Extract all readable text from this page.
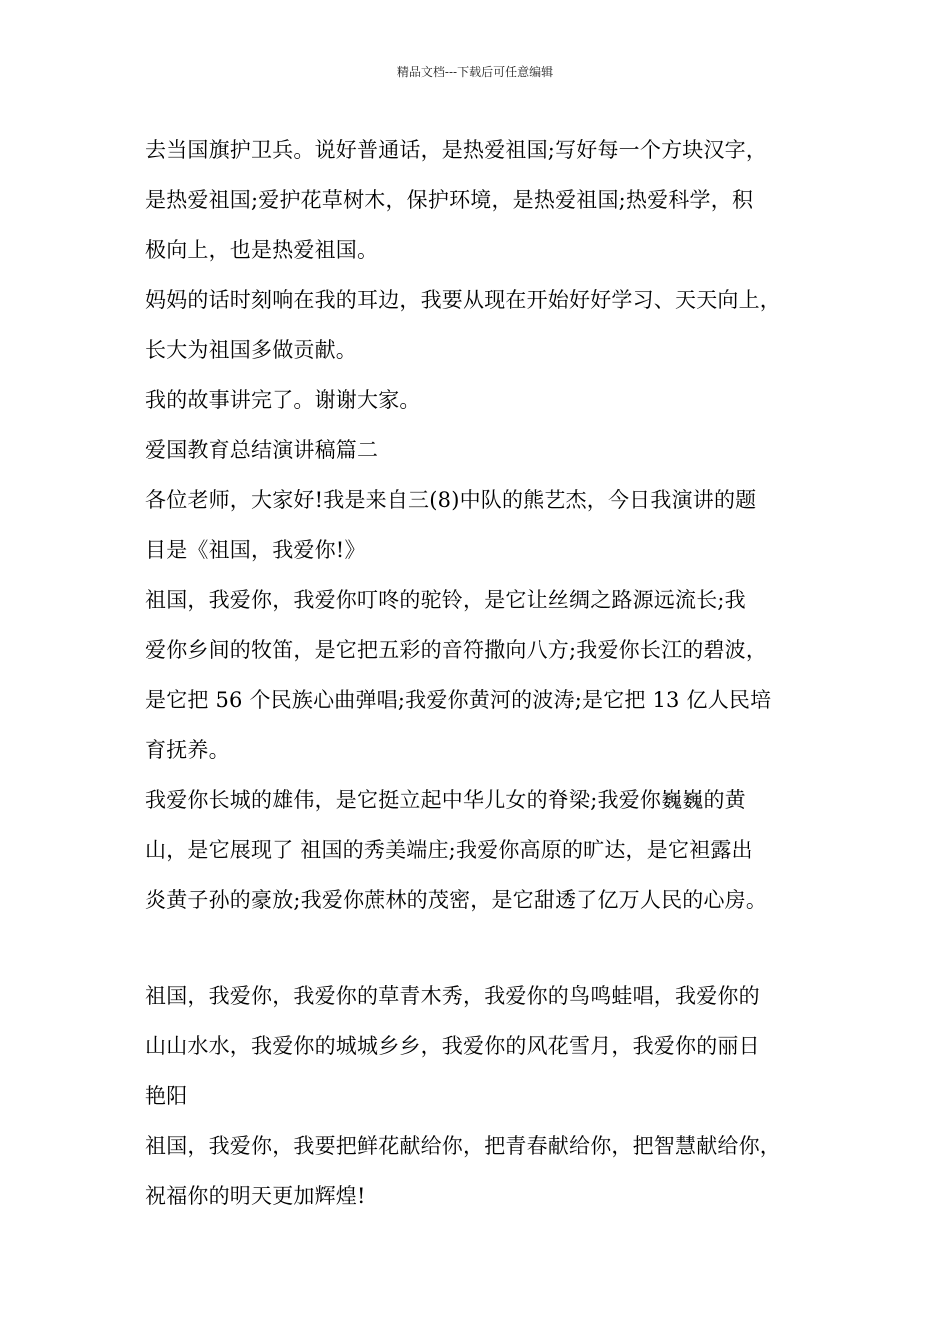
精品文档---下载后可任意编辑
去当国旗护卫兵。说好普通话，是热爱祖国;写好每一个方块汉字，
是热爱祖国;爱护花草树木，保护环境，是热爱祖国;热爱科学，积
极向上，也是热爱祖国。
妈妈的话时刻响在我的耳边，我要从现在开始好好学习、天天向上，
长大为祖国多做贡献。
我的故事讲完了。谢谢大家。
爱国教育总结演讲稿篇二
各位老师，大家好!我是来自三(8)中队的熊艺杰，今日我演讲的题
目是《祖国，我爱你!》
祖国，我爱你，我爱你叮咚的驼铃，是它让丝绸之路源远流长;我
爱你乡间的牧笛，是它把五彩的音符撒向八方;我爱你长江的碧波，
是它把 56 个民族心曲弹唱;我爱你黄河的波涛;是它把 13 亿人民培
育抚养。
我爱你长城的雄伟，是它挺立起中华儿女的脊梁;我爱你巍巍的黄
山，是它展现了 祖国的秀美端庄;我爱你高原的旷达，是它袒露出
炎黄子孙的豪放;我爱你蔗林的茂密，是它甜透了亿万人民的心房。
祖国，我爱你，我爱你的草青木秀，我爱你的鸟鸣蛙唱，我爱你的
山山水水，我爱你的城城乡乡，我爱你的风花雪月，我爱你的丽日
艳阳
祖国，我爱你，我要把鲜花献给你，把青春献给你，把智慧献给你，
祝福你的明天更加辉煌!
